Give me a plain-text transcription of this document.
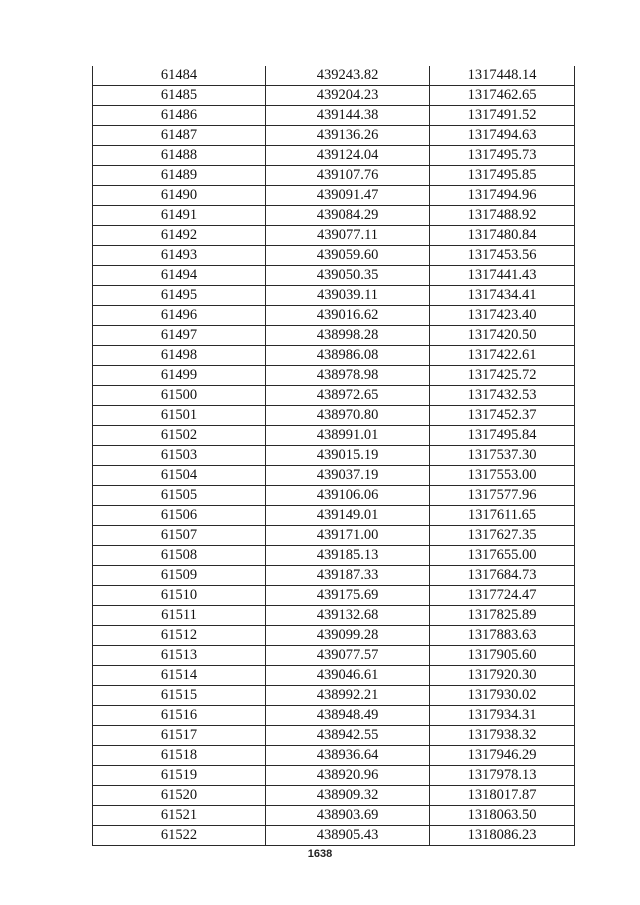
61484	439243.82	1317448.14
61485	439204.23	1317462.65
61486	439144.38	1317491.52
61487	439136.26	1317494.63
61488	439124.04	1317495.73
61489	439107.76	1317495.85
61490	439091.47	1317494.96
61491	439084.29	1317488.92
61492	439077.11	1317480.84
61493	439059.60	1317453.56
61494	439050.35	1317441.43
61495	439039.11	1317434.41
61496	439016.62	1317423.40
61497	438998.28	1317420.50
61498	438986.08	1317422.61
61499	438978.98	1317425.72
61500	438972.65	1317432.53
61501	438970.80	1317452.37
61502	438991.01	1317495.84
61503	439015.19	1317537.30
61504	439037.19	1317553.00
61505	439106.06	1317577.96
61506	439149.01	1317611.65
61507	439171.00	1317627.35
61508	439185.13	1317655.00
61509	439187.33	1317684.73
61510	439175.69	1317724.47
61511	439132.68	1317825.89
61512	439099.28	1317883.63
61513	439077.57	1317905.60
61514	439046.61	1317920.30
61515	438992.21	1317930.02
61516	438948.49	1317934.31
61517	438942.55	1317938.32
61518	438936.64	1317946.29
61519	438920.96	1317978.13
61520	438909.32	1318017.87
61521	438903.69	1318063.50
61522	438905.43	1318086.23
1638
